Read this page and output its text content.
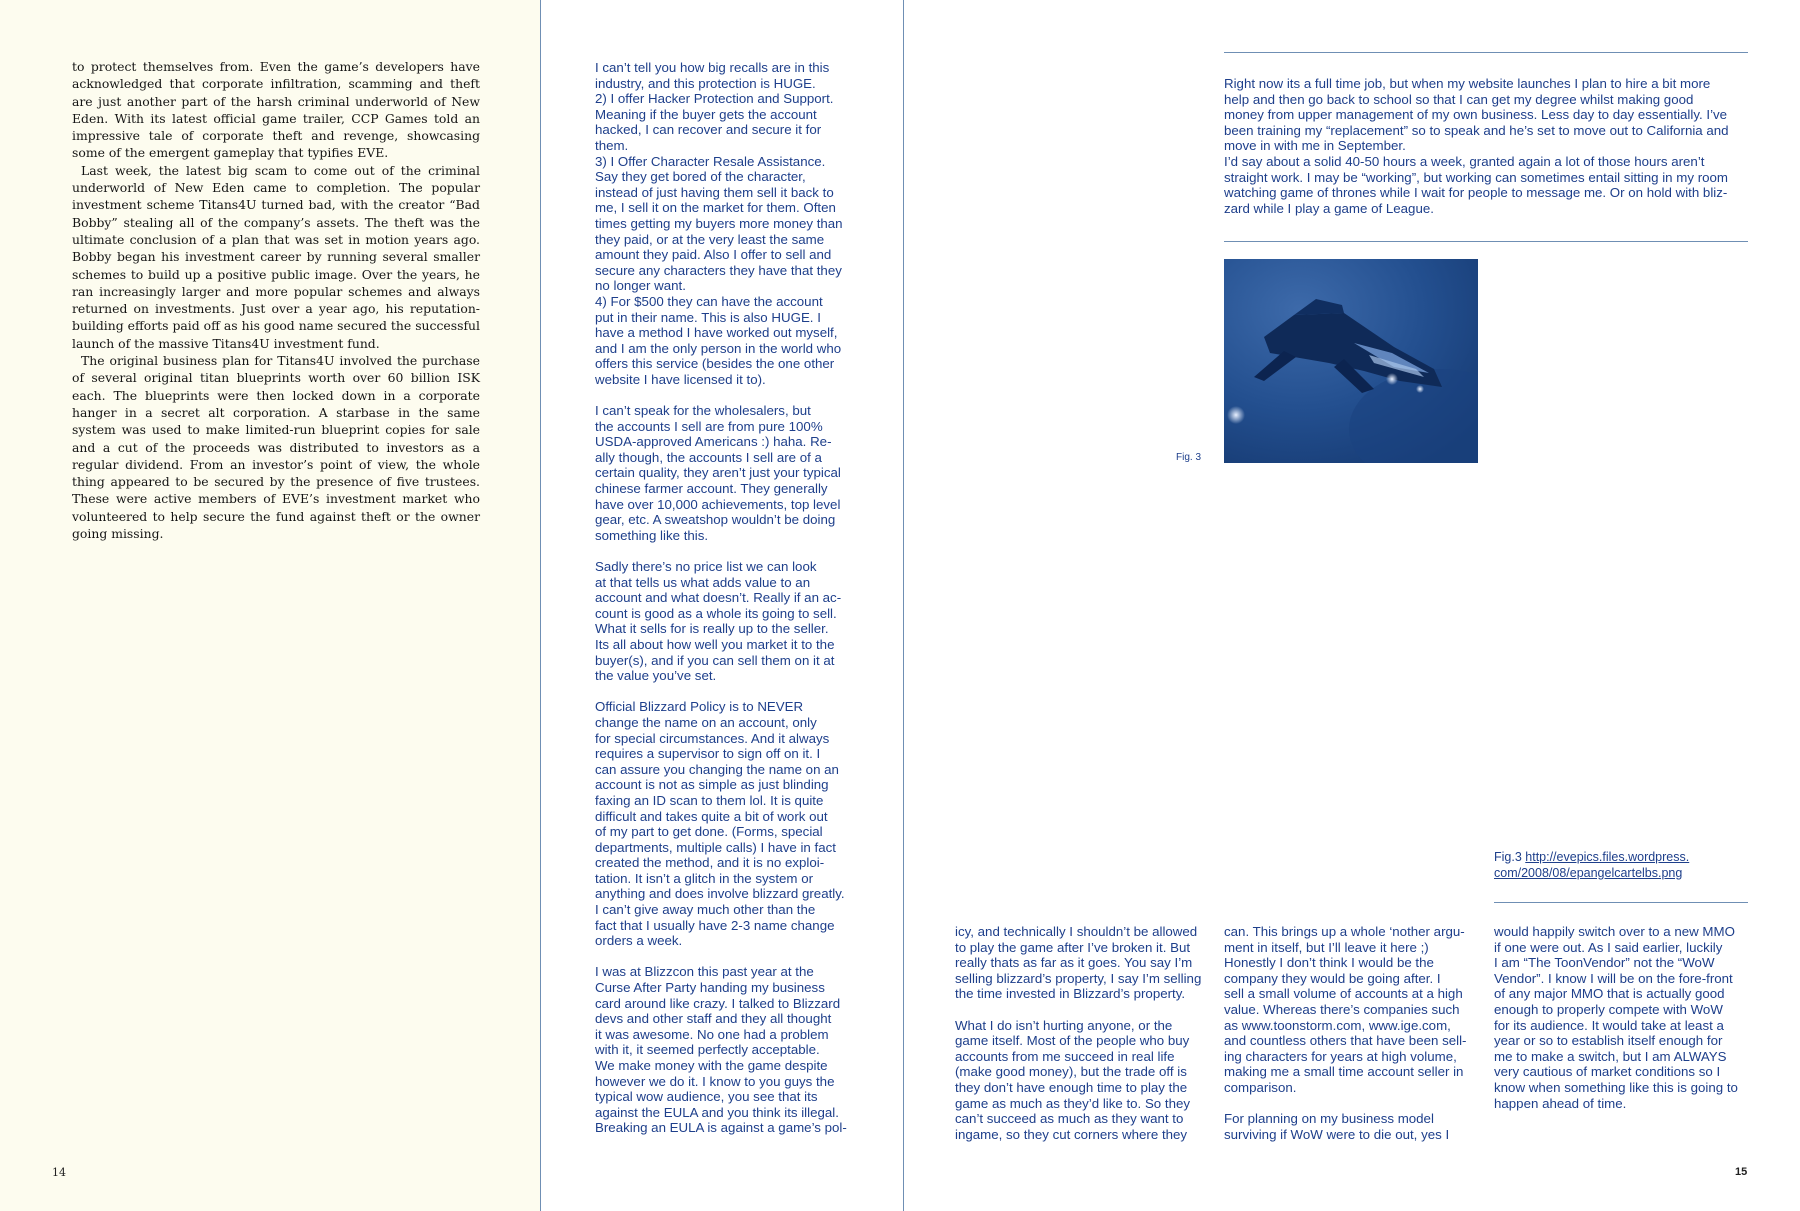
to protect themselves from. Even the game’s developers have acknowledged that corporate infiltration, scamming and theft are just another part of the harsh criminal underworld of New Eden. With its latest official game trailer, CCP Games told an impressive tale of corporate theft and revenge, showcasing some of the emergent gameplay that typifies EVE.

Last week, the latest big scam to come out of the criminal underworld of New Eden came to completion. The popular investment scheme Titans4U turned bad, with the creator “Bad Bobby” stealing all of the company’s assets. The theft was the ultimate conclusion of a plan that was set in motion years ago. Bobby began his investment career by running several smaller schemes to build up a positive public image. Over the years, he ran increasingly larger and more popular schemes and always returned on investments. Just over a year ago, his reputation-building efforts paid off as his good name secured the successful launch of the massive Titans4U investment fund.

The original business plan for Titans4U involved the purchase of several original titan blueprints worth over 60 billion ISK each. The blueprints were then locked down in a corporate hanger in a secret alt corporation. A starbase in the same system was used to make limited-run blueprint copies for sale and a cut of the proceeds was distributed to investors as a regular dividend. From an investor’s point of view, the whole thing appeared to be secured by the presence of five trustees. These were active members of EVE’s investment market who volunteered to help secure the fund against theft or the owner going missing.

I can’t tell you how big recalls are in this
industry, and this protection is HUGE.
2) I offer Hacker Protection and Support.
Meaning if the buyer gets the account
hacked, I can recover and secure it for
them.
3) I Offer Character Resale Assistance.
Say they get bored of the character,
instead of just having them sell it back to
me, I sell it on the market for them. Often
times getting my buyers more money than
they paid, or at the very least the same
amount they paid. Also I offer to sell and
secure any characters they have that they
no longer want.
4) For $500 they can have the account
put in their name. This is also HUGE. I
have a method I have worked out myself,
and I am the only person in the world who
offers this service (besides the one other
website I have licensed it to).

I can’t speak for the wholesalers, but
the accounts I sell are from pure 100%
USDA-approved Americans :) haha. Re-
ally though, the accounts I sell are of a
certain quality, they aren’t just your typical
chinese farmer account. They generally
have over 10,000 achievements, top level
gear, etc. A sweatshop wouldn’t be doing
something like this.

Sadly there’s no price list we can look
at that tells us what adds value to an
account and what doesn’t. Really if an ac-
count is good as a whole its going to sell.
What it sells for is really up to the seller.
Its all about how well you market it to the
buyer(s), and if you can sell them on it at
the value you’ve set.

Official Blizzard Policy is to NEVER
change the name on an account, only
for special circumstances. And it always
requires a supervisor to sign off on it. I
can assure you changing the name on an
account is not as simple as just blinding
faxing an ID scan to them lol. It is quite
difficult and takes quite a bit of work out
of my part to get done. (Forms, special
departments, multiple calls) I have in fact
created the method, and it is no exploi-
tation. It isn’t a glitch in the system or
anything and does involve blizzard greatly.
I can’t give away much other than the
fact that I usually have 2-3 name change
orders a week.

I was at Blizzcon this past year at the
Curse After Party handing my business
card around like crazy. I talked to Blizzard
devs and other staff and they all thought
it was awesome. No one had a problem
with it, it seemed perfectly acceptable.
We make money with the game despite
however we do it. I know to you guys the
typical wow audience, you see that its
against the EULA and you think its illegal.
Breaking an EULA is against a game’s pol-

Right now its a full time job, but when my website launches I plan to hire a bit more
help and then go back to school so that I can get my degree whilst making good
money from upper management of my own business. Less day to day essentially. I’ve
been training my “replacement” so to speak and he’s set to move out to California and
move in with me in September.
I’d say about a solid 40-50 hours a week, granted again a lot of those hours aren’t
straight work. I may be “working”, but working can sometimes entail sitting in my room
watching game of thrones while I wait for people to message me. Or on hold with bliz-
zard while I play a game of League.
Fig. 3
Fig.3 http://evepics.files.wordpress.
com/2008/08/epangelcartelbs.png
icy, and technically I shouldn’t be allowed
to play the game after I’ve broken it. But
really thats as far as it goes. You say I’m
selling blizzard’s property, I say I’m selling
the time invested in Blizzard’s property.

What I do isn’t hurting anyone, or the
game itself. Most of the people who buy
accounts from me succeed in real life
(make good money), but the trade off is
they don’t have enough time to play the
game as much as they’d like to. So they
can’t succeed as much as they want to
ingame, so they cut corners where they
can. This brings up a whole ‘nother argu-
ment in itself, but I’ll leave it here ;)
Honestly I don’t think I would be the
company they would be going after. I
sell a small volume of accounts at a high
value. Whereas there’s companies such
as www.toonstorm.com, www.ige.com,
and countless others that have been sell-
ing characters for years at high volume,
making me a small time account seller in
comparison.

For planning on my business model
surviving if WoW were to die out, yes I
would happily switch over to a new MMO
if one were out. As I said earlier, luckily
I am “The ToonVendor” not the “WoW
Vendor”. I know I will be on the fore-front
of any major MMO that is actually good
enough to properly compete with WoW
for its audience. It would take at least a
year or so to establish itself enough for
me to make a switch, but I am ALWAYS
very cautious of market conditions so I
know when something like this is going to
happen ahead of time.
14	15
